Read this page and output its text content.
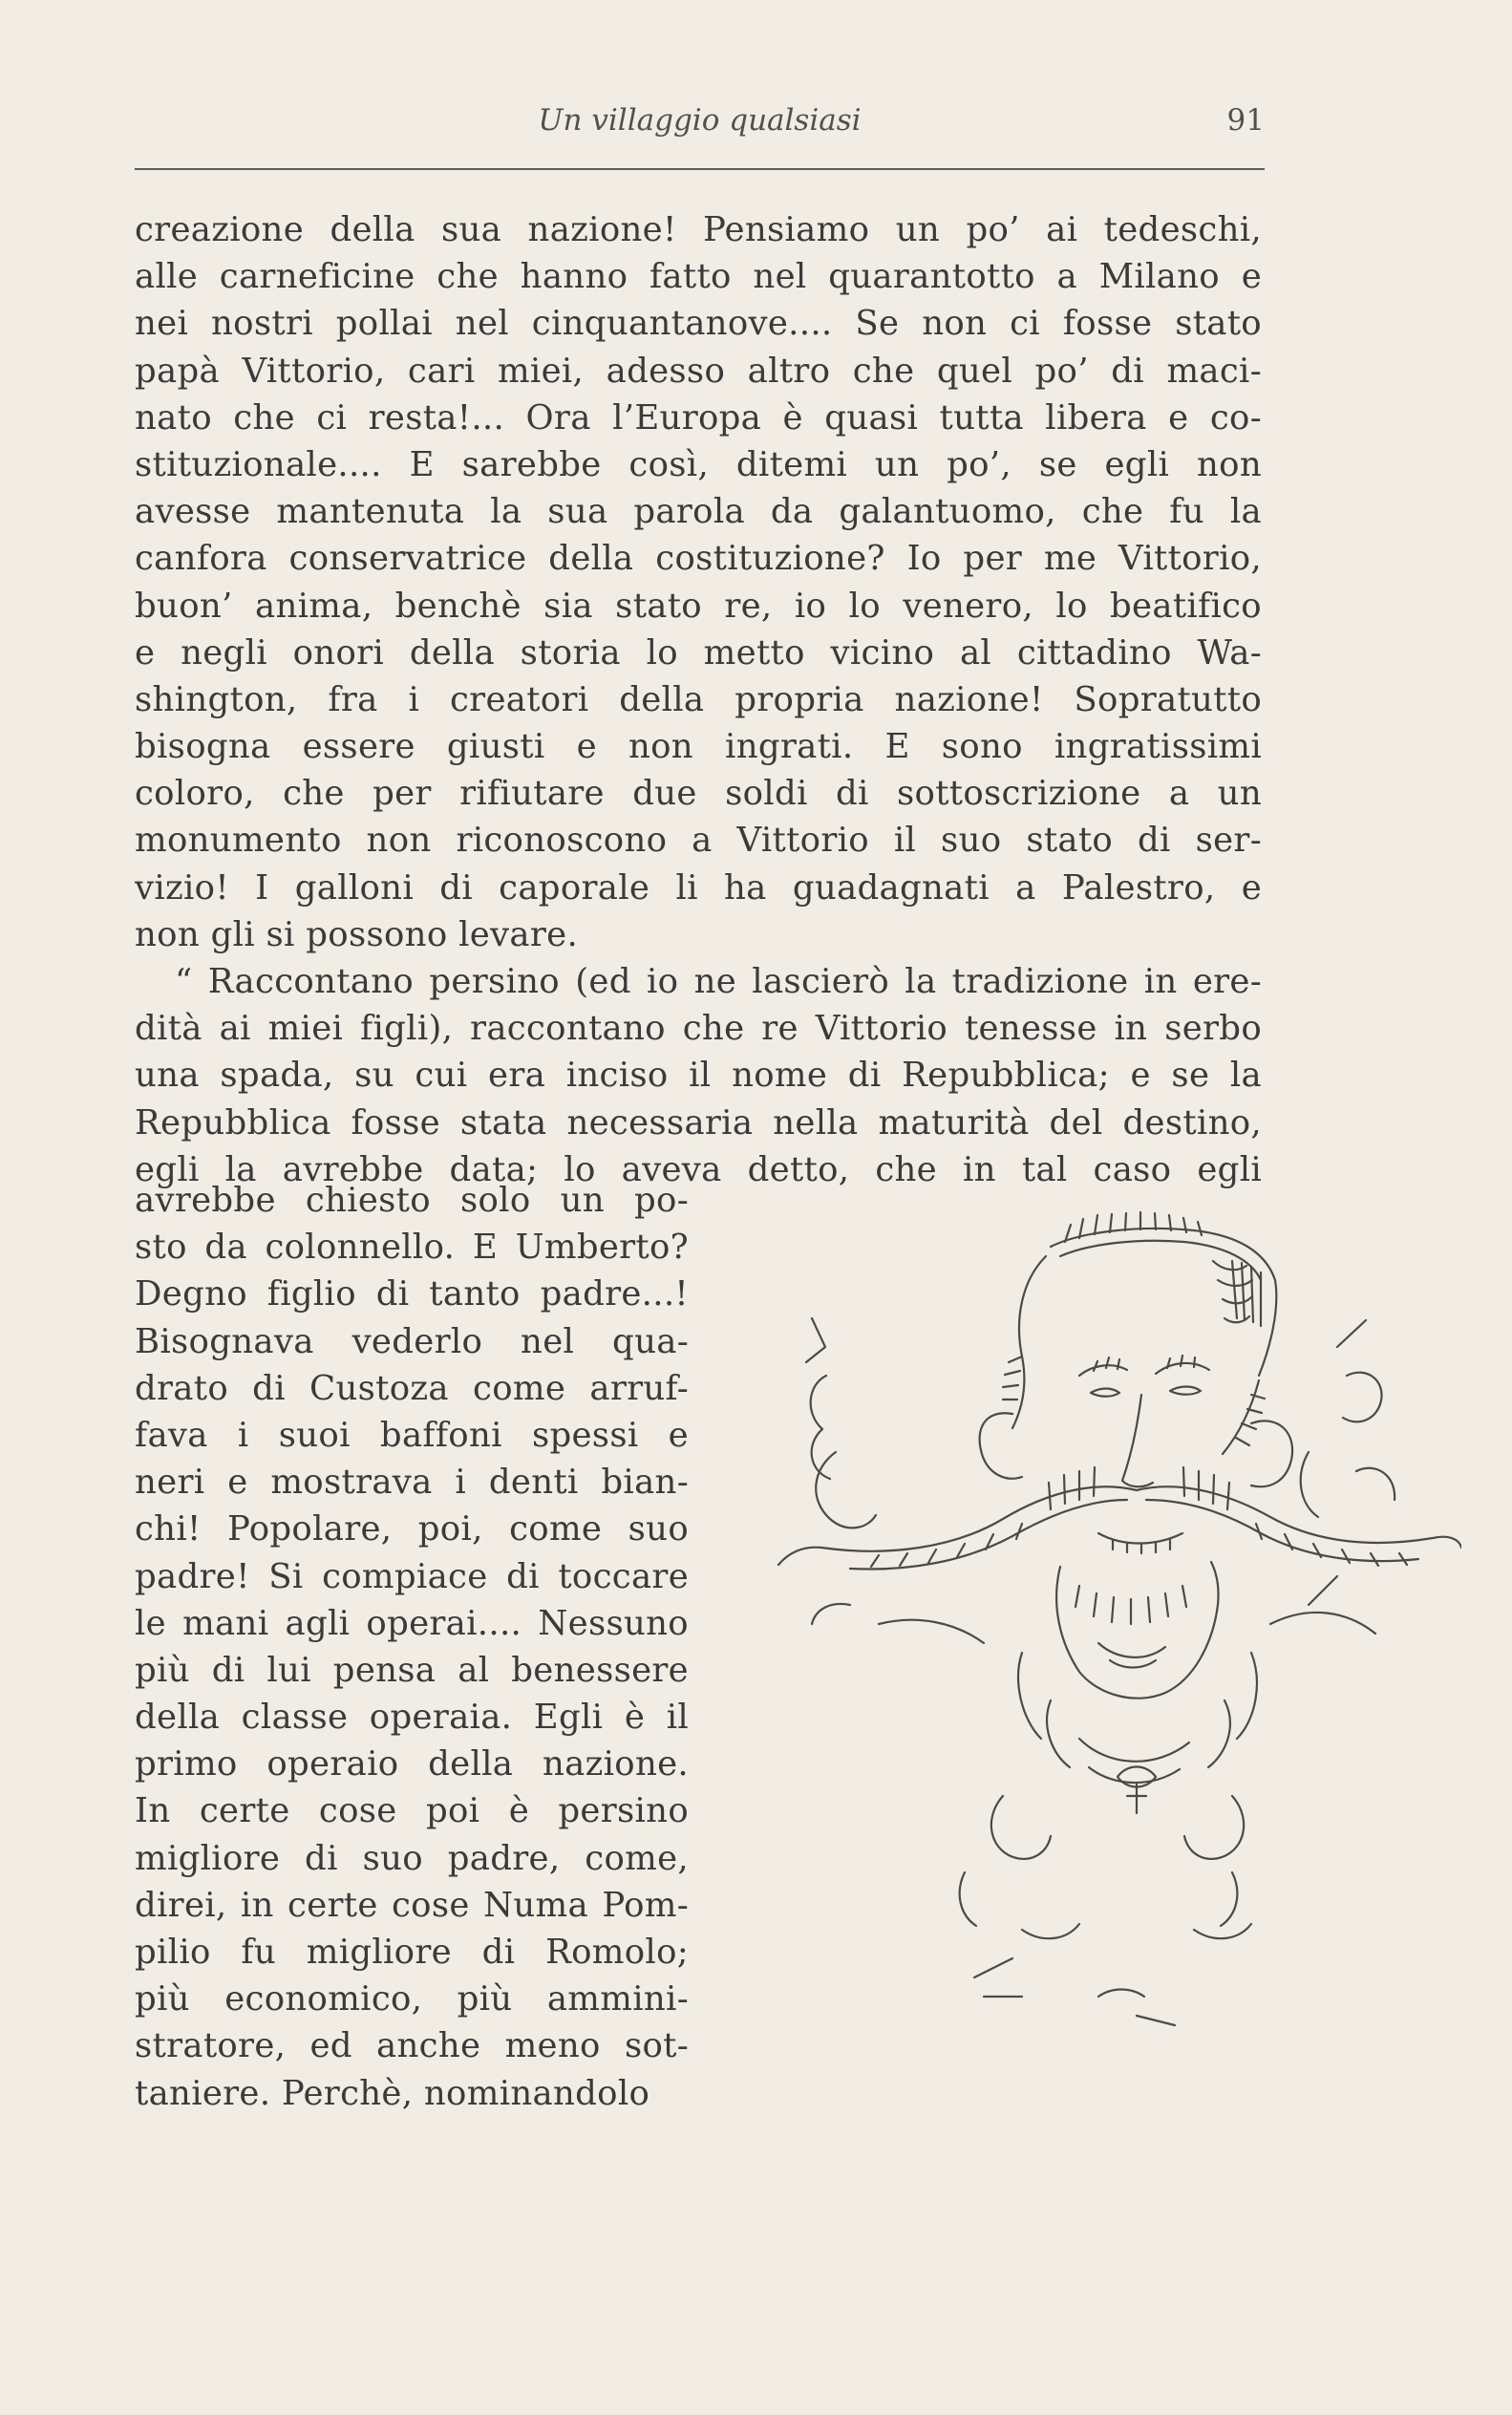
Un villaggio qualsiasi	91
creazione della sua nazione! Pensiamo un po’ ai tedeschi,
alle carneficine che hanno fatto nel quarantotto a Milano e
nei nostri pollai nel cinquantanove.... Se non ci fosse stato
papà Vittorio, cari miei, adesso altro che quel po’ di maci-
nato che ci resta!... Ora l’Europa è quasi tutta libera e co-
stituzionale.... E sarebbe così, ditemi un po’, se egli non
avesse mantenuta la sua parola da galantuomo, che fu la
canfora conservatrice della costituzione? Io per me Vittorio,
buon’ anima, benchè sia stato re, io lo venero, lo beatifico
e negli onori della storia lo metto vicino al cittadino Wa-
shington, fra i creatori della propria nazione! Sopratutto
bisogna essere giusti e non ingrati. E sono ingratissimi
coloro, che per rifiutare due soldi di sottoscrizione a un
monumento non riconoscono a Vittorio il suo stato di ser-
vizio! I galloni di caporale li ha guadagnati a Palestro, e
non gli si possono levare.
“ Raccontano persino (ed io ne lascierò la tradizione in ere-
dità ai miei figli), raccontano che re Vittorio tenesse in serbo
una spada, su cui era inciso il nome di Repubblica; e se la
Repubblica fosse stata necessaria nella maturità del destino,
egli la avrebbe data; lo aveva detto, che in tal caso egli
avrebbe chiesto solo un po-
sto da colonnello. E Umberto?
Degno figlio di tanto padre...!
Bisognava vederlo nel qua-
drato di Custoza come arruf-
fava i suoi baffoni spessi e
neri e mostrava i denti bian-
chi! Popolare, poi, come suo
padre! Si compiace di toccare
le mani agli operai.... Nessuno
più di lui pensa al benessere
della classe operaia. Egli è il
primo operaio della nazione.
In certe cose poi è persino
migliore di suo padre, come,
direi, in certe cose Numa Pom-
pilio fu migliore di Romolo;
più economico, più ammini-
stratore, ed anche meno sot-
taniere. Perchè, nominandolo
